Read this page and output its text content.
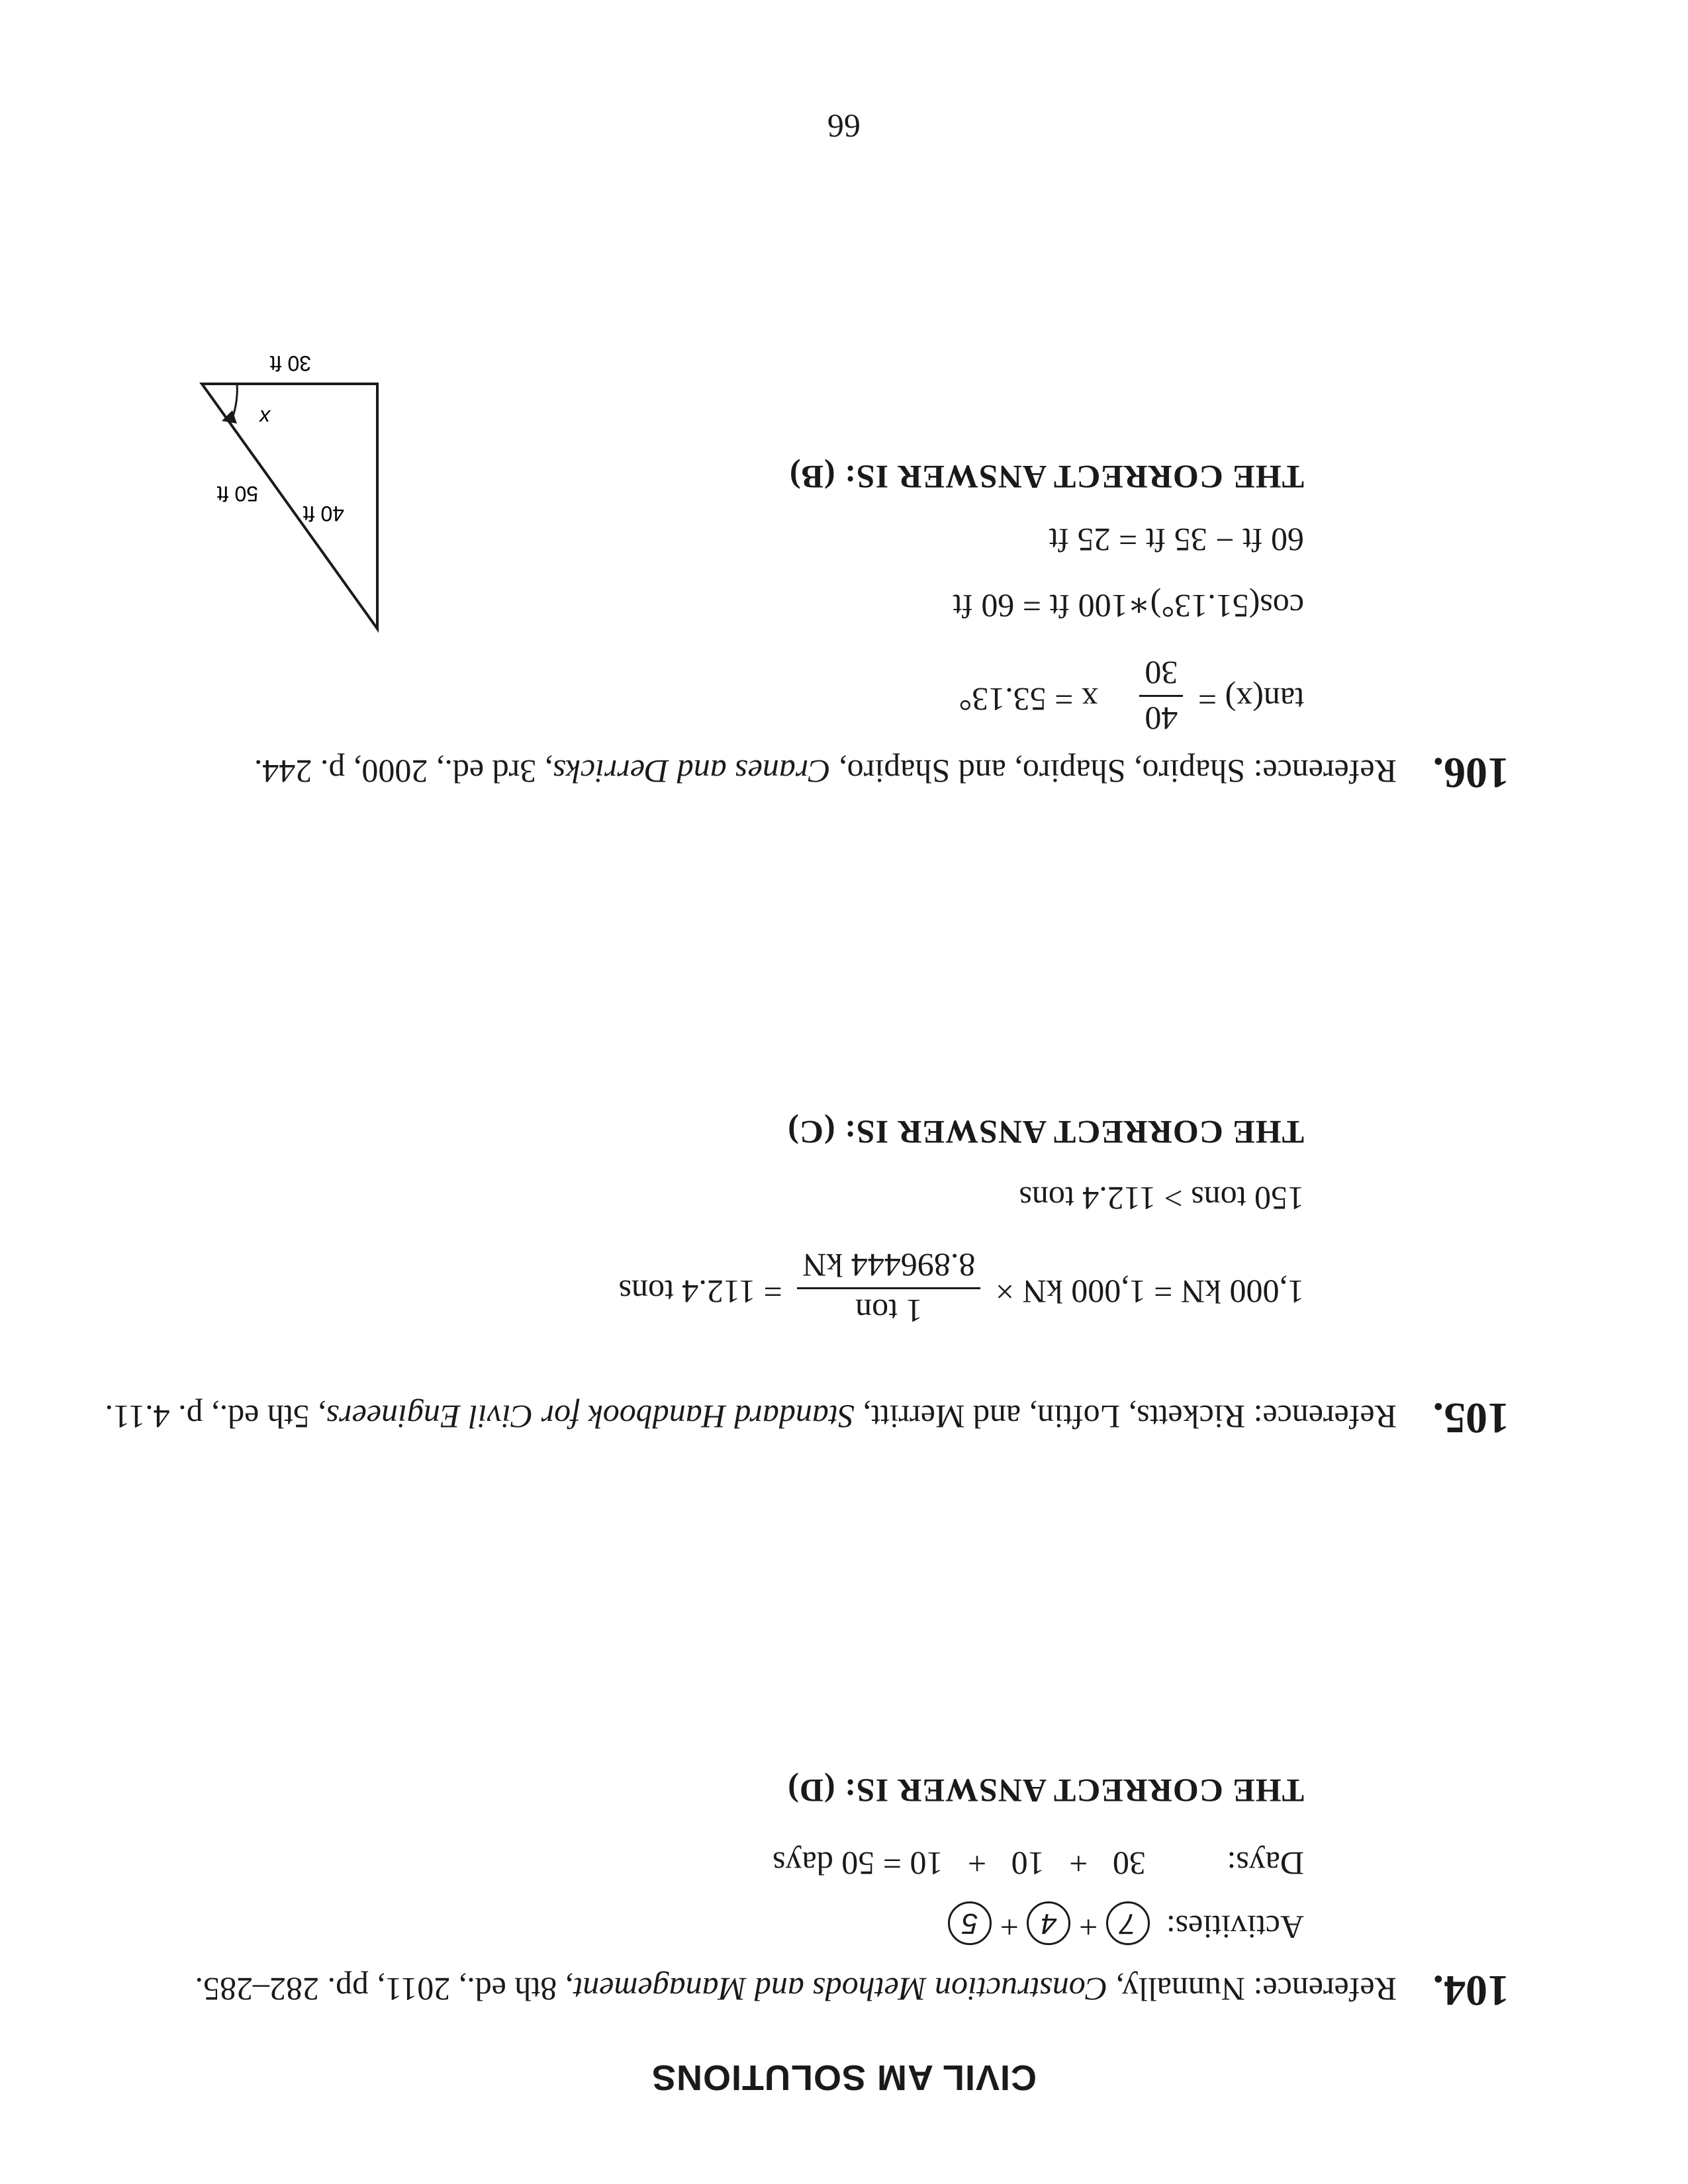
CIVIL AM SOLUTIONS
104.
Reference: Nunnally, Construction Methods and Management, 8th ed., 2011, pp. 282–285.
Activities:  7 + 4 + 5
Days: 30   +   10   +   10 = 50 days
THE CORRECT ANSWER IS: (D)
105.
Reference: Ricketts, Loftin, and Merritt, Standard Handbook for Civil Engineers, 5th ed., p. 4.11.
1,000 kN = 1,000 kN ×
1 ton
8.896444 kN
= 112.4 tons
150 tons > 112.4 tons
THE CORRECT ANSWER IS: (C)
106.
Reference: Shapiro, Shapiro, and Shapiro, Cranes and Derricks, 3rd ed., 2000, p. 244.
tan(x) =
40
30
x = 53.13°
cos(51.13°)∗100 ft = 60 ft
60 ft − 35 ft = 25 ft
THE CORRECT ANSWER IS: (B)
40 ft
30 ft
50 ft
x
66
